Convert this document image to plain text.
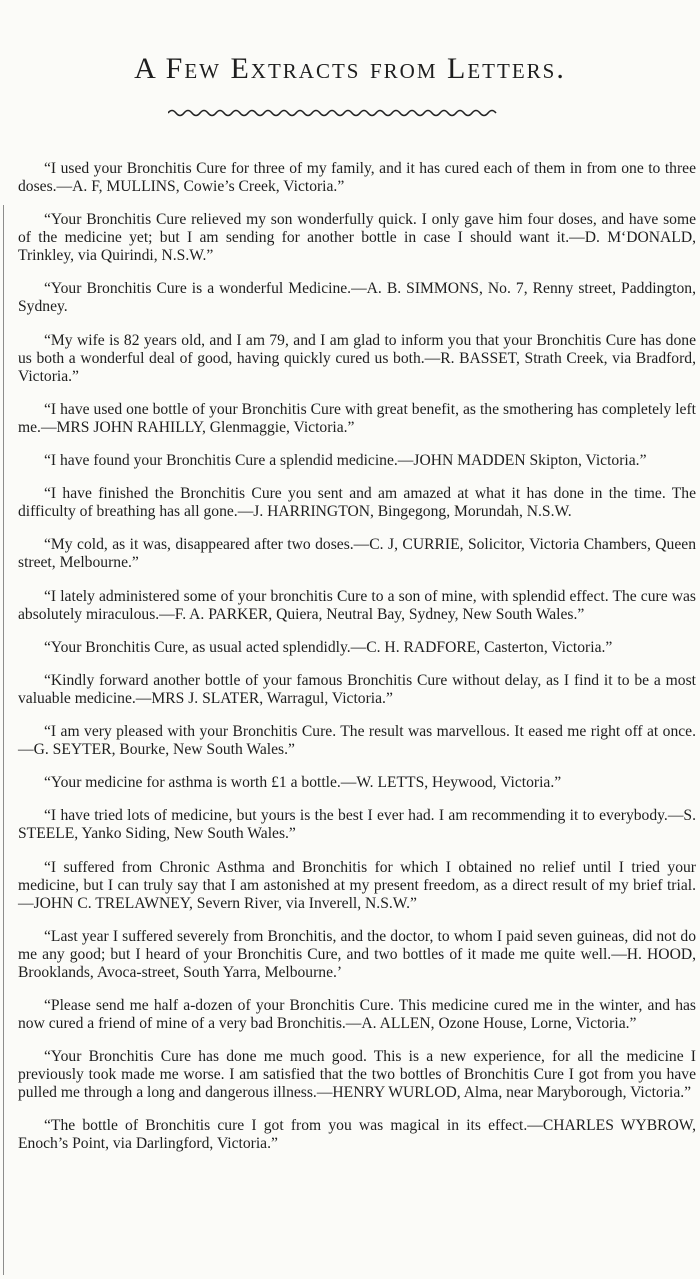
A Few Extracts from Letters.

“I used your Bronchitis Cure for three of my family, and it has cured each of them in from one to three doses.—A. F, MULLINS, Cowie’s Creek, Victoria.”

“Your Bronchitis Cure relieved my son wonderfully quick. I only gave him four doses, and have some of the medicine yet; but I am sending for another bottle in case I should want it.—D. M‘DONALD, Trinkley, via Quirindi, N.S.W.”

“Your Bronchitis Cure is a wonderful Medicine.—A. B. SIMMONS, No. 7, Renny street, Paddington, Sydney.

“My wife is 82 years old, and I am 79, and I am glad to inform you that your Bronchitis Cure has done us both a wonderful deal of good, having quickly cured us both.—R. BASSET, Strath Creek, via Bradford, Victoria.”

“I have used one bottle of your Bronchitis Cure with great benefit, as the smothering has completely left me.—MRS JOHN RAHILLY, Glenmaggie, Victoria.”

“I have found your Bronchitis Cure a splendid medicine.—JOHN MADDEN Skipton, Victoria.”

“I have finished the Bronchitis Cure you sent and am amazed at what it has done in the time. The difficulty of breathing has all gone.—J. HARRINGTON, Bingegong, Morundah, N.S.W.

“My cold, as it was, disappeared after two doses.—C. J, CURRIE, Solicitor, Victoria Chambers, Queen street, Melbourne.”

“I lately administered some of your bronchitis Cure to a son of mine, with splendid effect. The cure was absolutely miraculous.—F. A. PARKER, Quiera, Neutral Bay, Sydney, New South Wales.”

“Your Bronchitis Cure, as usual acted splendidly.—C. H. RADFORE, Casterton, Victoria.”

“Kindly forward another bottle of your famous Bronchitis Cure without delay, as I find it to be a most valuable medicine.—MRS J. SLATER, Warragul, Victoria.”

“I am very pleased with your Bronchitis Cure. The result was marvellous. It eased me right off at once.—G. SEYTER, Bourke, New South Wales.”

“Your medicine for asthma is worth £1 a bottle.—W. LETTS, Heywood, Victoria.”

“I have tried lots of medicine, but yours is the best I ever had. I am recommending it to everybody.—S. STEELE, Yanko Siding, New South Wales.”

“I suffered from Chronic Asthma and Bronchitis for which I obtained no relief until I tried your medicine, but I can truly say that I am astonished at my present freedom, as a direct result of my brief trial.—JOHN C. TRELAWNEY, Severn River, via Inverell, N.S.W.”

“Last year I suffered severely from Bronchitis, and the doctor, to whom I paid seven guineas, did not do me any good; but I heard of your Bronchitis Cure, and two bottles of it made me quite well.—H. HOOD, Brooklands, Avoca-street, South Yarra, Melbourne.’

“Please send me half a-dozen of your Bronchitis Cure. This medicine cured me in the winter, and has now cured a friend of mine of a very bad Bronchitis.—A. ALLEN, Ozone House, Lorne, Victoria.”

“Your Bronchitis Cure has done me much good. This is a new experience, for all the medicine I previously took made me worse. I am satisfied that the two bottles of Bronchitis Cure I got from you have pulled me through a long and dangerous illness.—HENRY WURLOD, Alma, near Maryborough, Victoria.”

“The bottle of Bronchitis cure I got from you was magical in its effect.—CHARLES WYBROW, Enoch’s Point, via Darlingford, Victoria.”
